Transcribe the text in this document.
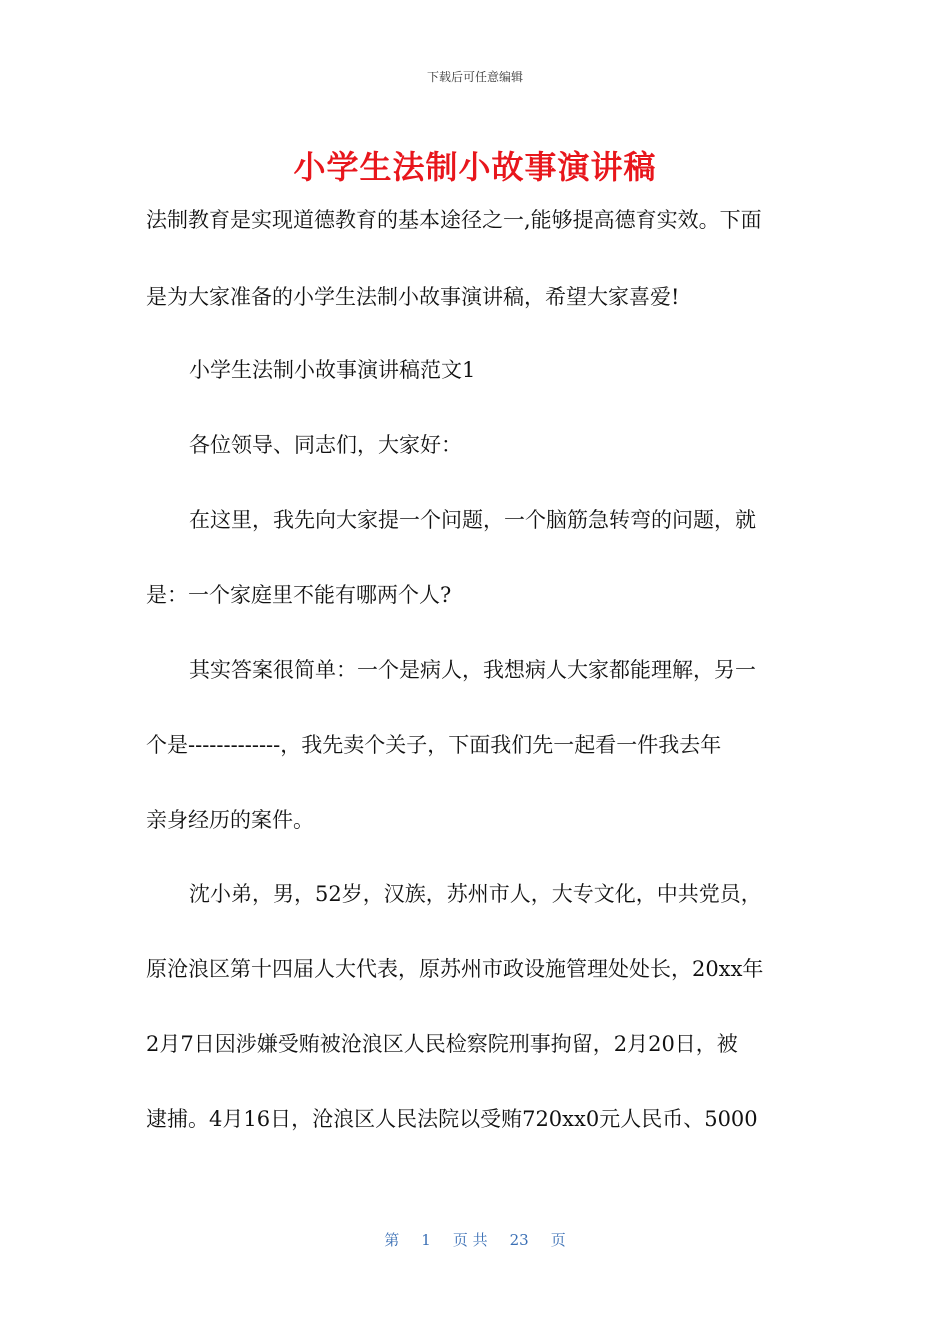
下载后可任意编辑
小学生法制小故事演讲稿
法制教育是实现道德教育的基本途径之一,能够提高德育实效。下面
是为大家准备的小学生法制小故事演讲稿，希望大家喜爱!
小学生法制小故事演讲稿范文1
各位领导、同志们，大家好：
在这里，我先向大家提一个问题，一个脑筋急转弯的问题，就
是：一个家庭里不能有哪两个人?
其实答案很简单：一个是病人，我想病人大家都能理解，另一
个是-------------，我先卖个关子，下面我们先一起看一件我去年
亲身经历的案件。
沈小弟，男，52岁，汉族，苏州市人，大专文化，中共党员，
原沧浪区第十四届人大代表，原苏州市政设施管理处处长，20xx年
2月7日因涉嫌受贿被沧浪区人民检察院刑事拘留，2月20日，被
逮捕。4月16日，沧浪区人民法院以受贿720xx0元人民币、5000
第 1 页 共 23 页
